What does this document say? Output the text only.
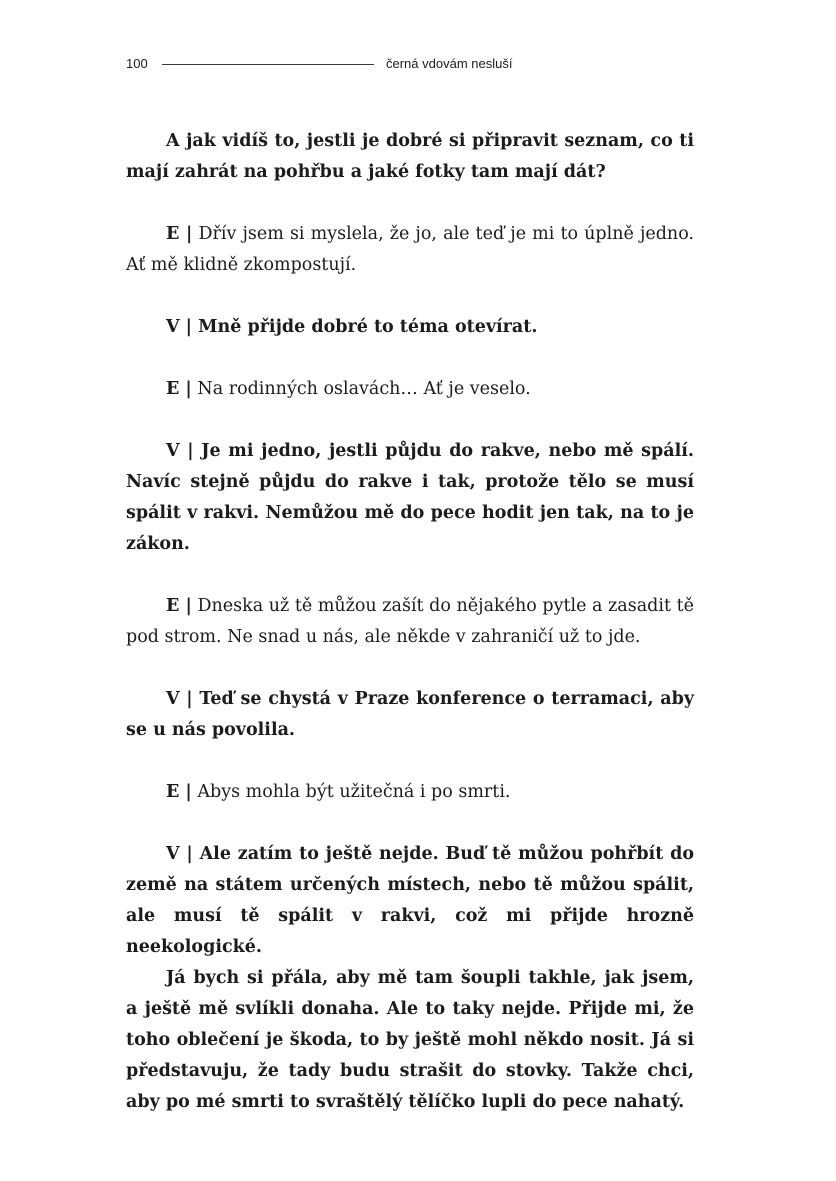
100	černá vdovám nesluší

A jak vidíš to, jestli je dobré si připravit seznam, co ti mají zahrát na pohřbu a jaké fotky tam mají dát?

E | Dřív jsem si myslela, že jo, ale teď je mi to úplně jedno. Ať mě klidně zkompostují.

V | Mně přijde dobré to téma otevírat.

E | Na rodinných oslavách… Ať je veselo.

V | Je mi jedno, jestli půjdu do rakve, nebo mě spálí. Navíc stejně půjdu do rakve i tak, protože tělo se musí spálit v rakvi. Nemůžou mě do pece hodit jen tak, na to je zákon.

E | Dneska už tě můžou zašít do nějakého pytle a zasadit tě pod strom. Ne snad u nás, ale někde v zahraničí už to jde.

V | Teď se chystá v Praze konference o terramaci, aby se u nás povolila.

E | Abys mohla být užitečná i po smrti.

V | Ale zatím to ještě nejde. Buď tě můžou pohřbít do země na státem určených místech, nebo tě můžou spálit, ale musí tě spálit v rakvi, což mi přijde hrozně neekologické.

Já bych si přála, aby mě tam šoupli takhle, jak jsem, a ještě mě svlíkli donaha. Ale to taky nejde. Přijde mi, že toho oblečení je škoda, to by ještě mohl někdo nosit. Já si představuju, že tady budu strašit do stovky. Takže chci, aby po mé smrti to svraštělý tělíčko lupli do pece nahatý.
